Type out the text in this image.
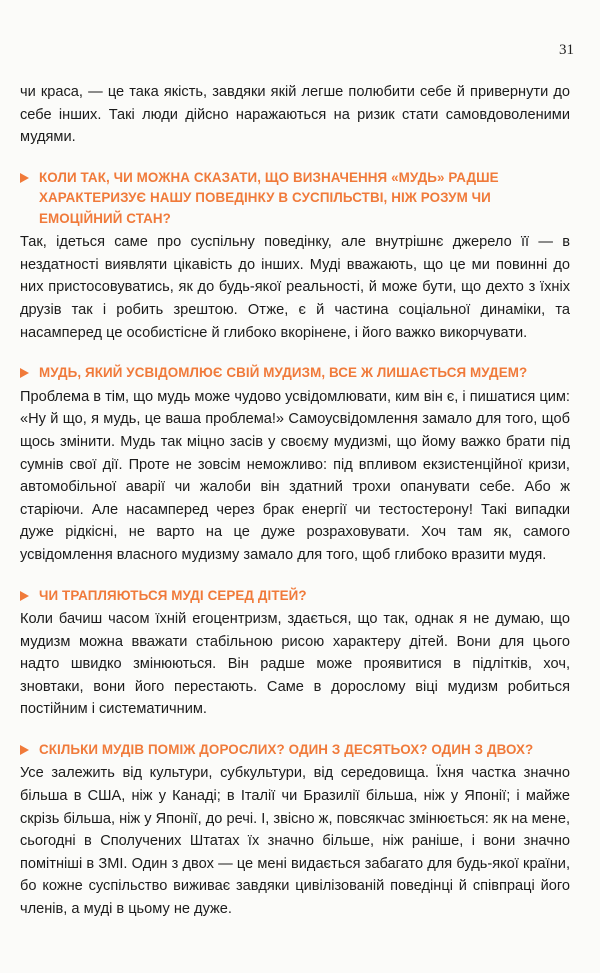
31

чи краса, — це така якість, завдяки якій легше полюбити себе й привернути до себе інших. Такі люди дійсно наражаються на ризик стати самовдоволеними мудями.

КОЛИ ТАК, ЧИ МОЖНА СКАЗАТИ, ЩО ВИЗНАЧЕННЯ «МУДЬ» РАДШЕ ХАРАКТЕРИЗУЄ НАШУ ПОВЕДІНКУ В СУСПІЛЬСТВІ, НІЖ РОЗУМ ЧИ ЕМОЦІЙНИЙ СТАН?

Так, ідеться саме про суспільну поведінку, але внутрішнє джерело її — в нездатності виявляти цікавість до інших. Муді вважають, що це ми повинні до них пристосовуватись, як до будь-якої реальності, й може бути, що дехто з їхніх друзів так і робить зрештою. Отже, є й частина соціальної динаміки, та насамперед це особистісне й глибоко вкорінене, і його важко викорчувати.

МУДЬ, ЯКИЙ УСВІДОМЛЮЄ СВІЙ МУДИЗМ, ВСЕ Ж ЛИШАЄТЬСЯ МУДЕМ?

Проблема в тім, що мудь може чудово усвідомлювати, ким він є, і пишатися цим: «Ну й що, я мудь, це ваша проблема!» Самоусвідомлення замало для того, щоб щось змінити. Мудь так міцно засів у своєму мудизмі, що йому важко брати під сумнів свої дії. Проте не зовсім неможливо: під впливом екзистенційної кризи, автомобільної аварії чи жалоби він здатний трохи опанувати себе. Або ж старіючи. Але насамперед через брак енергії чи тестостерону! Такі випадки дуже рідкісні, не варто на це дуже розраховувати. Хоч там як, самого усвідомлення власного мудизму замало для того, щоб глибоко вразити мудя.

ЧИ ТРАПЛЯЮТЬСЯ МУДІ СЕРЕД ДІТЕЙ?

Коли бачиш часом їхній егоцентризм, здається, що так, однак я не думаю, що мудизм можна вважати стабільною рисою характеру дітей. Вони для цього надто швидко змінюються. Він радше може проявитися в підлітків, хоч, зновтаки, вони його перестають. Саме в дорослому віці мудизм робиться постійним і систематичним.

СКІЛЬКИ МУДІВ ПОМІЖ ДОРОСЛИХ? ОДИН З ДЕСЯТЬОХ? ОДИН З ДВОХ?

Усе залежить від культури, субкультури, від середовища. Їхня частка значно більша в США, ніж у Канаді; в Італії чи Бразилії більша, ніж у Японії; і майже скрізь більша, ніж у Японії, до речі. І, звісно ж, повсякчас змінюється: як на мене, сьогодні в Сполучених Штатах їх значно більше, ніж раніше, і вони значно помітніші в ЗМІ. Один з двох — це мені видається забагато для будь-якої країни, бо кожне суспільство виживає завдяки цивілізованій поведінці й співпраці його членів, а муді в цьому не дуже.
